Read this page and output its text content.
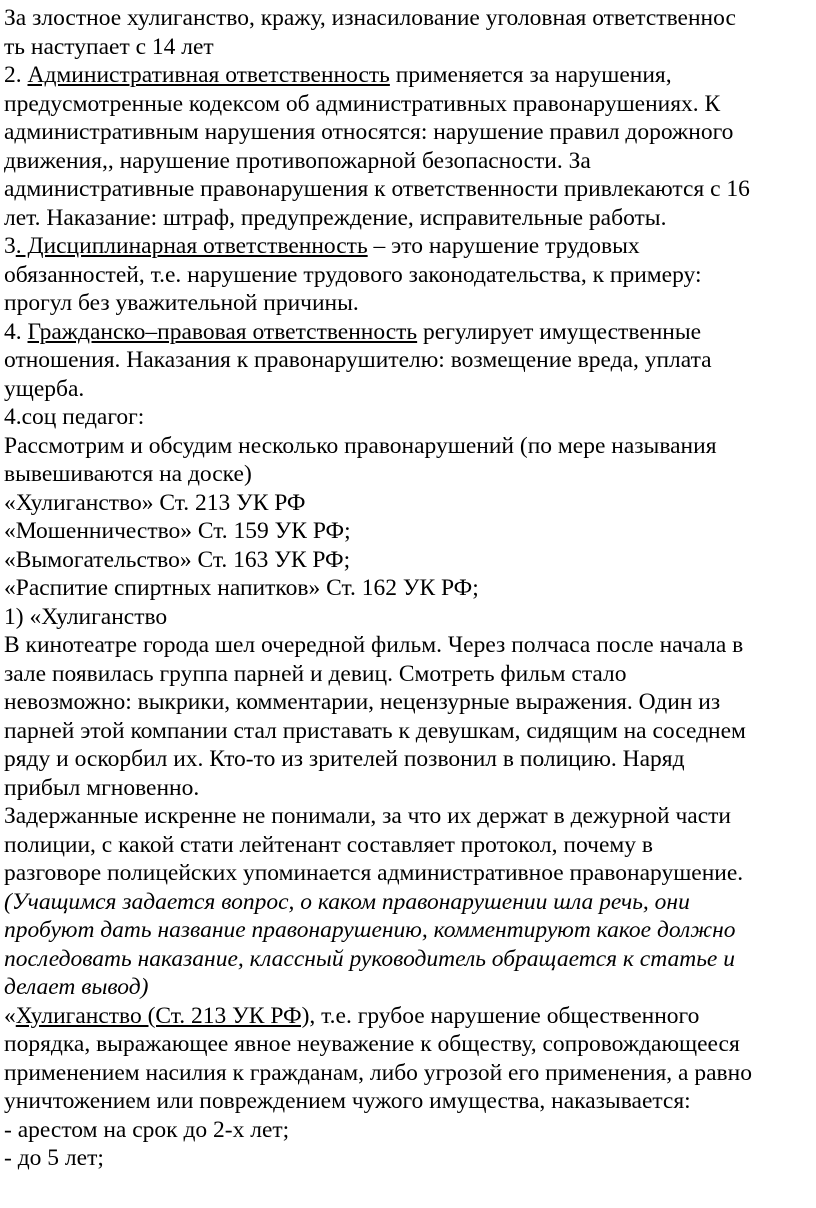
За злостное хулиганство, кражу, изнасилование уголовная ответственнос
ть наступает с 14 лет
2. Административная ответственность применяется за нарушения,
предусмотренные кодексом об административных правонарушениях. К
административным нарушения относятся: нарушение правил дорожного
движения,, нарушение противопожарной безопасности. За
административные правонарушения к ответственности привлекаются с 16
лет. Наказание: штраф, предупреждение, исправительные работы.
3. Дисциплинарная ответственность – это нарушение трудовых
обязанностей, т.е. нарушение трудового законодательства, к примеру:
прогул без уважительной причины.
4. Гражданско–правовая ответственность регулирует имущественные
отношения. Наказания к правонарушителю: возмещение вреда, уплата
ущерба.
4.соц педагог:
Рассмотрим и обсудим несколько правонарушений (по мере называния
вывешиваются на доске)
«Хулиганство» Ст. 213 УК РФ
«Мошенничество» Ст. 159 УК РФ;
«Вымогательство» Ст. 163 УК РФ;
«Распитие спиртных напитков» Ст. 162 УК РФ;
1) «Хулиганство
В кинотеатре города шел очередной фильм. Через полчаса после начала в
зале появилась группа парней и девиц. Смотреть фильм стало
невозможно: выкрики, комментарии, нецензурные выражения. Один из
парней этой компании стал приставать к девушкам, сидящим на соседнем
ряду и оскорбил их. Кто-то из зрителей позвонил в полицию. Наряд
прибыл мгновенно.
Задержанные искренне не понимали, за что их держат в дежурной части
полиции, с какой стати лейтенант составляет протокол, почему в
разговоре полицейских упоминается административное правонарушение.
(Учащимся задается вопрос, о каком правонарушении шла речь, они
пробуют дать название правонарушению, комментируют какое должно
последовать наказание, классный руководитель обращается к статье и
делает вывод)
«Хулиганство (Ст. 213 УК РФ), т.е. грубое нарушение общественного
порядка, выражающее явное неуважение к обществу, сопровождающееся
применением насилия к гражданам, либо угрозой его применения, а равно
уничтожением или повреждением чужого имущества, наказывается:
- арестом на срок до 2-х лет;
- до 5 лет;
